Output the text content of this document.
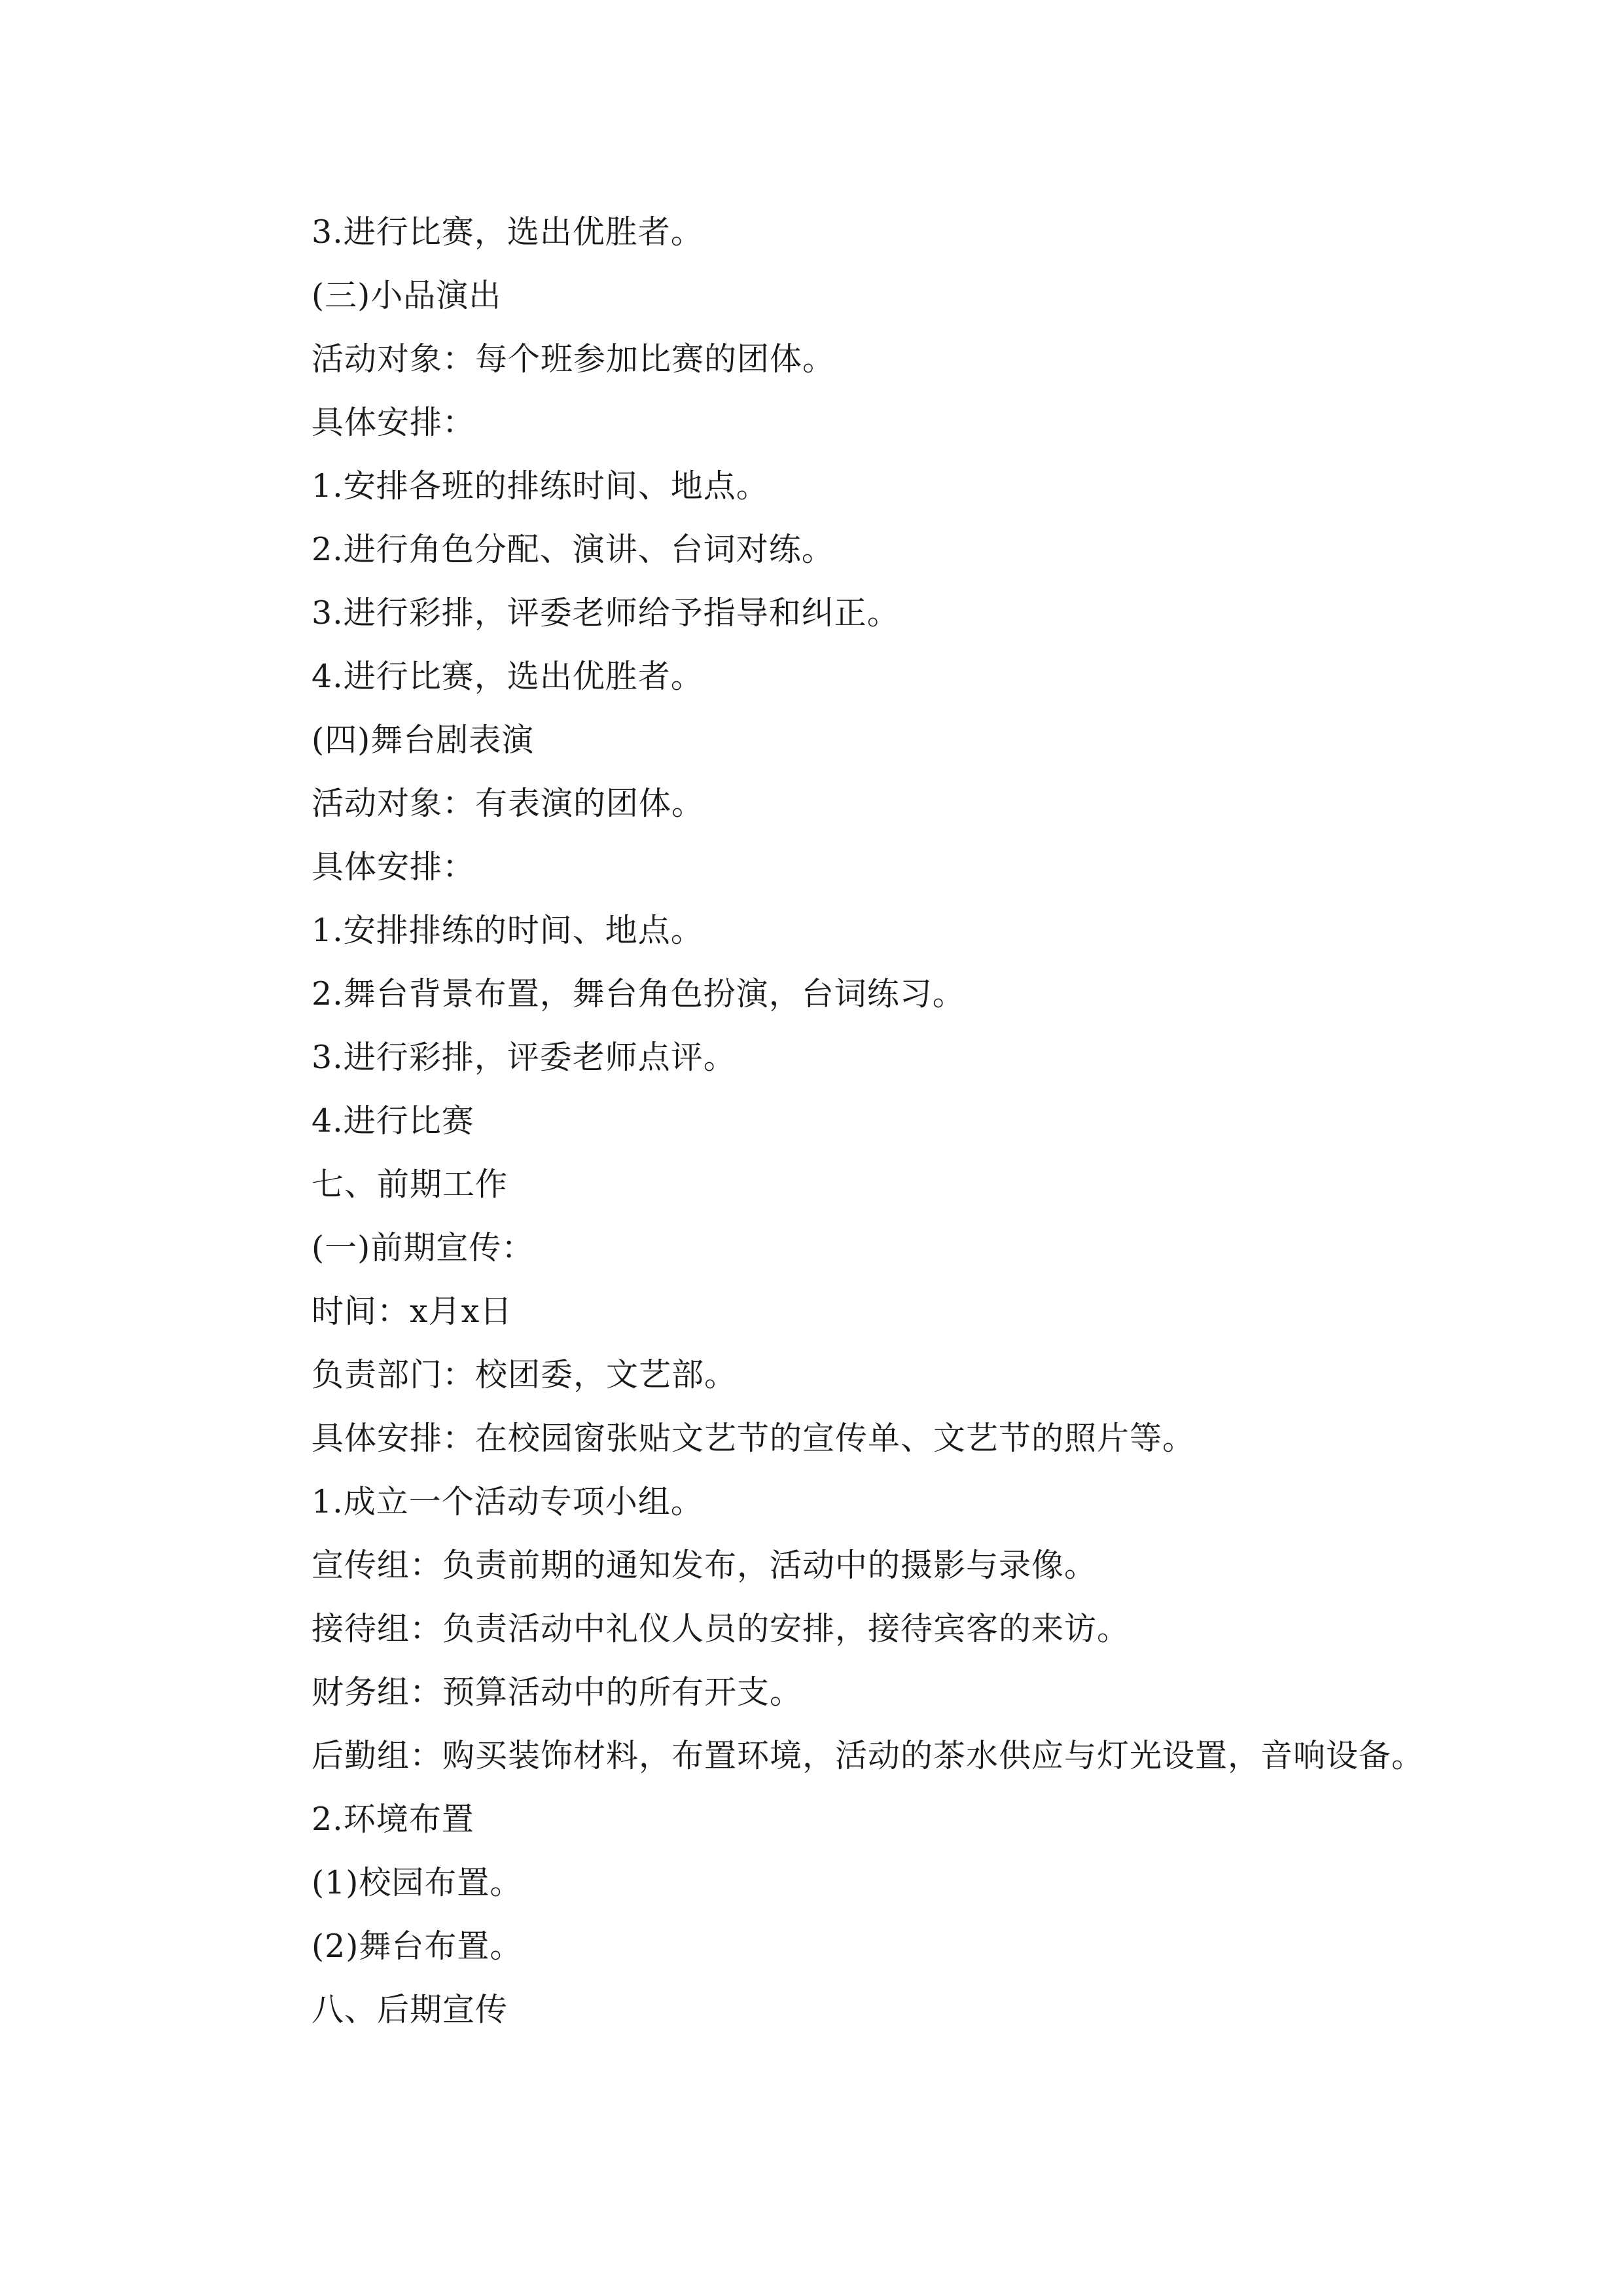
3.进行比赛，选出优胜者。
(三)小品演出
活动对象：每个班参加比赛的团体。
具体安排：
1.安排各班的排练时间、地点。
2.进行角色分配、演讲、台词对练。
3.进行彩排，评委老师给予指导和纠正。
4.进行比赛，选出优胜者。
(四)舞台剧表演
活动对象：有表演的团体。
具体安排：
1.安排排练的时间、地点。
2.舞台背景布置，舞台角色扮演，台词练习。
3.进行彩排，评委老师点评。
4.进行比赛
七、前期工作
(一)前期宣传：
时间：x月x日
负责部门：校团委，文艺部。
具体安排：在校园窗张贴文艺节的宣传单、文艺节的照片等。
1.成立一个活动专项小组。
宣传组：负责前期的通知发布，活动中的摄影与录像。
接待组：负责活动中礼仪人员的安排，接待宾客的来访。
财务组：预算活动中的所有开支。
后勤组：购买装饰材料，布置环境，活动的茶水供应与灯光设置，音响设备。
2.环境布置
(1)校园布置。
(2)舞台布置。
八、后期宣传
